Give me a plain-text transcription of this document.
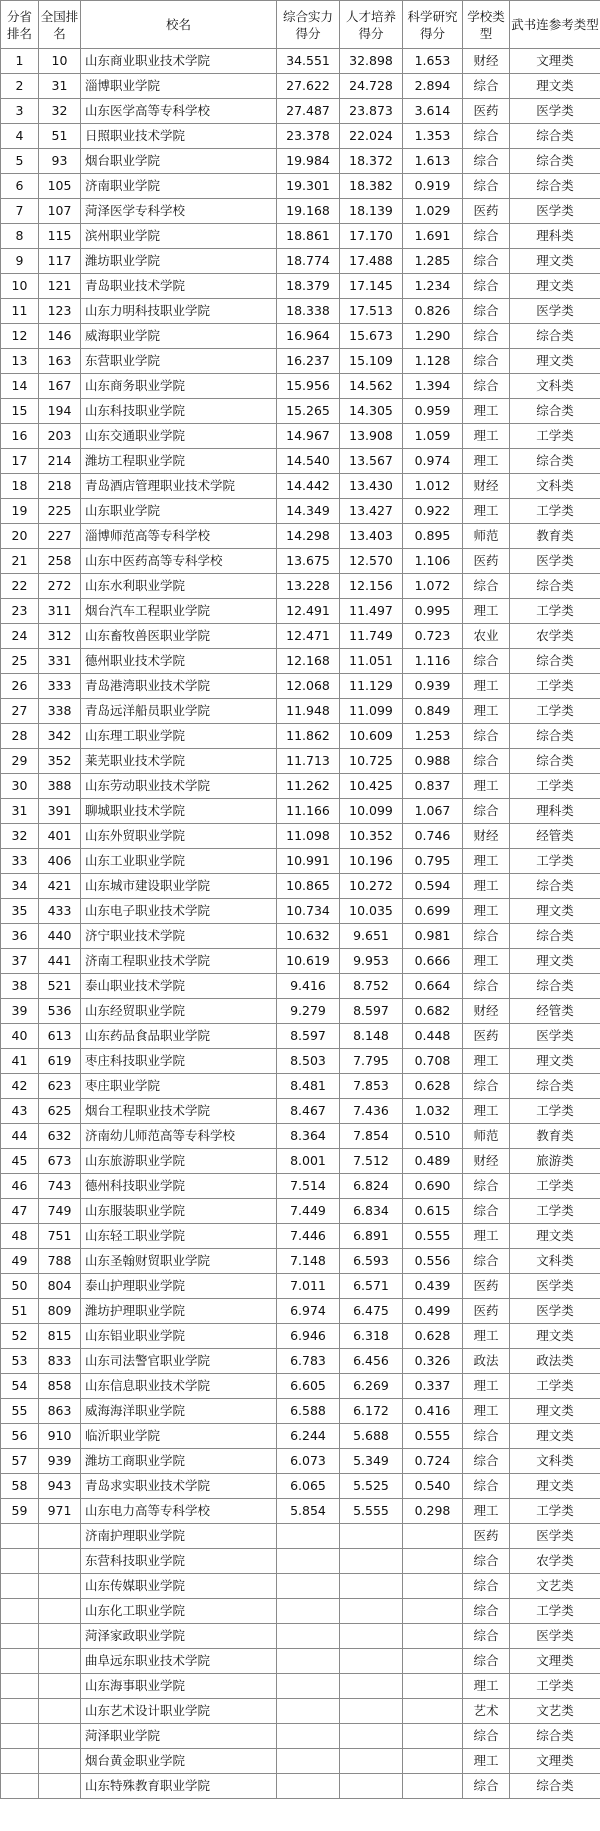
分省排名	全国排名	校名	综合实力得分	人才培养得分	科学研究得分	学校类型	武书连参考类型
1	10	山东商业职业技术学院	34.551	32.898	1.653	财经	文理类
2	31	淄博职业学院	27.622	24.728	2.894	综合	理文类
3	32	山东医学高等专科学校	27.487	23.873	3.614	医药	医学类
4	51	日照职业技术学院	23.378	22.024	1.353	综合	综合类
5	93	烟台职业学院	19.984	18.372	1.613	综合	综合类
6	105	济南职业学院	19.301	18.382	0.919	综合	综合类
7	107	菏泽医学专科学校	19.168	18.139	1.029	医药	医学类
8	115	滨州职业学院	18.861	17.170	1.691	综合	理科类
9	117	潍坊职业学院	18.774	17.488	1.285	综合	理文类
10	121	青岛职业技术学院	18.379	17.145	1.234	综合	理文类
11	123	山东力明科技职业学院	18.338	17.513	0.826	综合	医学类
12	146	威海职业学院	16.964	15.673	1.290	综合	综合类
13	163	东营职业学院	16.237	15.109	1.128	综合	理文类
14	167	山东商务职业学院	15.956	14.562	1.394	综合	文科类
15	194	山东科技职业学院	15.265	14.305	0.959	理工	综合类
16	203	山东交通职业学院	14.967	13.908	1.059	理工	工学类
17	214	潍坊工程职业学院	14.540	13.567	0.974	理工	综合类
18	218	青岛酒店管理职业技术学院	14.442	13.430	1.012	财经	文科类
19	225	山东职业学院	14.349	13.427	0.922	理工	工学类
20	227	淄博师范高等专科学校	14.298	13.403	0.895	师范	教育类
21	258	山东中医药高等专科学校	13.675	12.570	1.106	医药	医学类
22	272	山东水利职业学院	13.228	12.156	1.072	综合	综合类
23	311	烟台汽车工程职业学院	12.491	11.497	0.995	理工	工学类
24	312	山东畜牧兽医职业学院	12.471	11.749	0.723	农业	农学类
25	331	德州职业技术学院	12.168	11.051	1.116	综合	综合类
26	333	青岛港湾职业技术学院	12.068	11.129	0.939	理工	工学类
27	338	青岛远洋船员职业学院	11.948	11.099	0.849	理工	工学类
28	342	山东理工职业学院	11.862	10.609	1.253	综合	综合类
29	352	莱芜职业技术学院	11.713	10.725	0.988	综合	综合类
30	388	山东劳动职业技术学院	11.262	10.425	0.837	理工	工学类
31	391	聊城职业技术学院	11.166	10.099	1.067	综合	理科类
32	401	山东外贸职业学院	11.098	10.352	0.746	财经	经管类
33	406	山东工业职业学院	10.991	10.196	0.795	理工	工学类
34	421	山东城市建设职业学院	10.865	10.272	0.594	理工	综合类
35	433	山东电子职业技术学院	10.734	10.035	0.699	理工	理文类
36	440	济宁职业技术学院	10.632	9.651	0.981	综合	综合类
37	441	济南工程职业技术学院	10.619	9.953	0.666	理工	理文类
38	521	泰山职业技术学院	9.416	8.752	0.664	综合	综合类
39	536	山东经贸职业学院	9.279	8.597	0.682	财经	经管类
40	613	山东药品食品职业学院	8.597	8.148	0.448	医药	医学类
41	619	枣庄科技职业学院	8.503	7.795	0.708	理工	理文类
42	623	枣庄职业学院	8.481	7.853	0.628	综合	综合类
43	625	烟台工程职业技术学院	8.467	7.436	1.032	理工	工学类
44	632	济南幼儿师范高等专科学校	8.364	7.854	0.510	师范	教育类
45	673	山东旅游职业学院	8.001	7.512	0.489	财经	旅游类
46	743	德州科技职业学院	7.514	6.824	0.690	综合	工学类
47	749	山东服装职业学院	7.449	6.834	0.615	综合	工学类
48	751	山东轻工职业学院	7.446	6.891	0.555	理工	理文类
49	788	山东圣翰财贸职业学院	7.148	6.593	0.556	综合	文科类
50	804	泰山护理职业学院	7.011	6.571	0.439	医药	医学类
51	809	潍坊护理职业学院	6.974	6.475	0.499	医药	医学类
52	815	山东铝业职业学院	6.946	6.318	0.628	理工	理文类
53	833	山东司法警官职业学院	6.783	6.456	0.326	政法	政法类
54	858	山东信息职业技术学院	6.605	6.269	0.337	理工	工学类
55	863	威海海洋职业学院	6.588	6.172	0.416	理工	理文类
56	910	临沂职业学院	6.244	5.688	0.555	综合	理文类
57	939	潍坊工商职业学院	6.073	5.349	0.724	综合	文科类
58	943	青岛求实职业技术学院	6.065	5.525	0.540	综合	理文类
59	971	山东电力高等专科学校	5.854	5.555	0.298	理工	工学类
		济南护理职业学院				医药	医学类
		东营科技职业学院				综合	农学类
		山东传媒职业学院				综合	文艺类
		山东化工职业学院				综合	工学类
		菏泽家政职业学院				综合	医学类
		曲阜远东职业技术学院				综合	文理类
		山东海事职业学院				理工	工学类
		山东艺术设计职业学院				艺术	文艺类
		菏泽职业学院				综合	综合类
		烟台黄金职业学院				理工	文理类
		山东特殊教育职业学院				综合	综合类
